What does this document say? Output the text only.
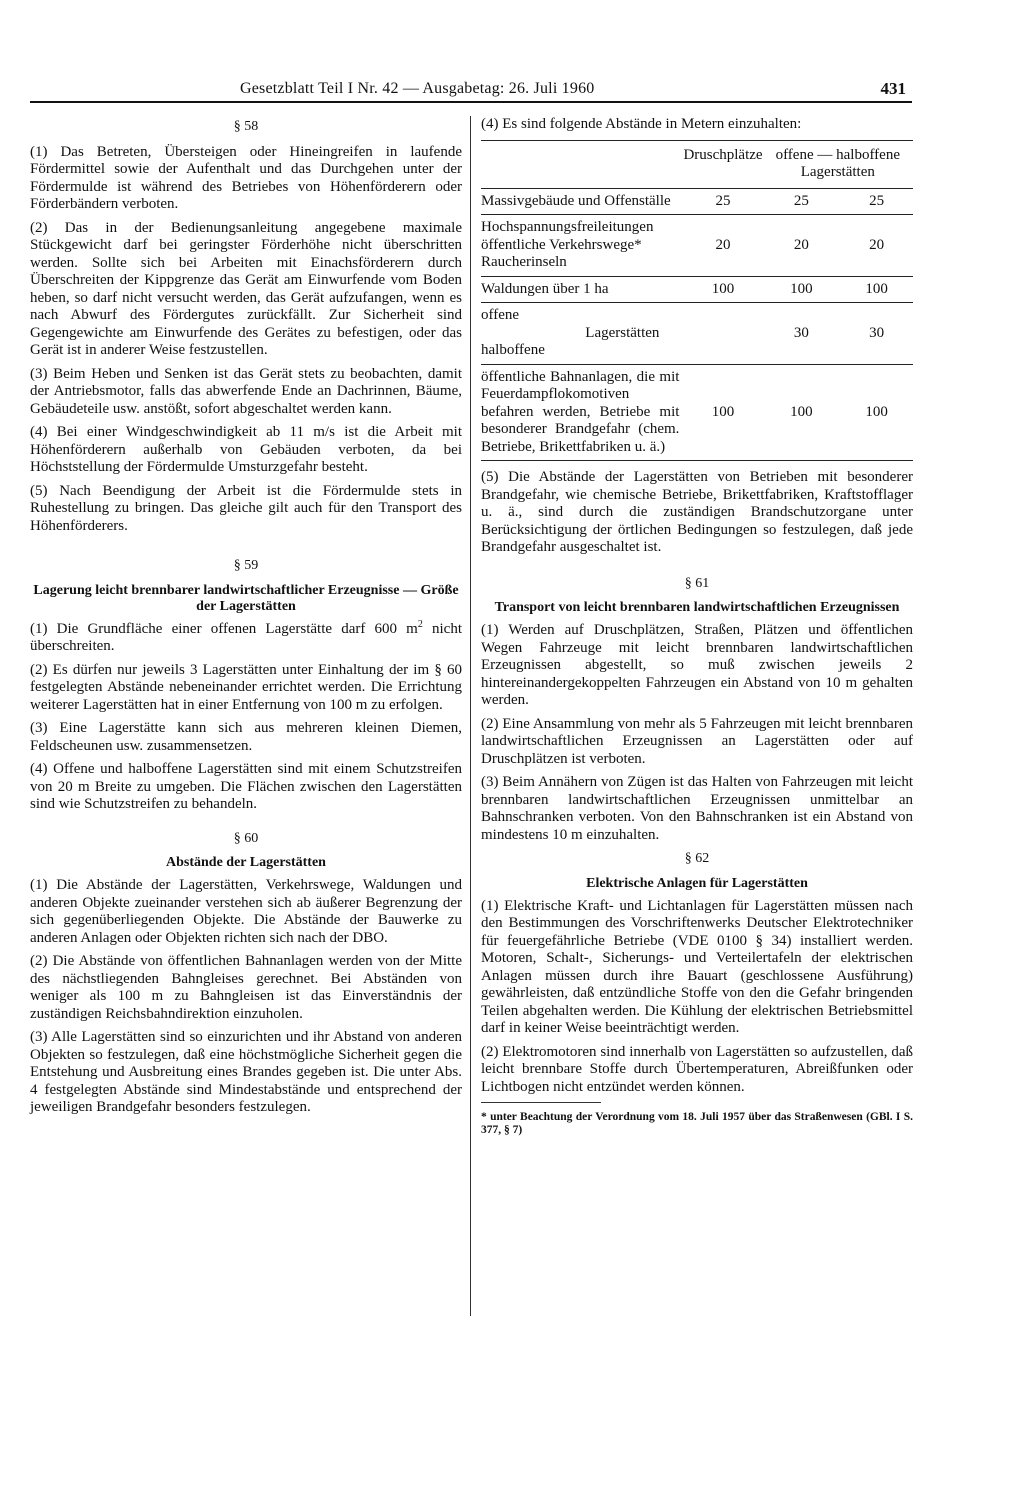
Gesetzblatt Teil I Nr. 42 — Ausgabetag: 26. Juli 1960	431
§ 58

(1) Das Betreten, Übersteigen oder Hineingreifen in laufende Fördermittel sowie der Aufenthalt und das Durchgehen unter der Fördermulde ist während des Betriebes von Höhenförderern oder Förderbändern verboten.

(2) Das in der Bedienungsanleitung angegebene maximale Stückgewicht darf bei geringster Förderhöhe nicht überschritten werden. Sollte sich bei Arbeiten mit Einachsförderern durch Überschreiten der Kippgrenze das Gerät am Einwurfende vom Boden heben, so darf nicht versucht werden, das Gerät aufzufangen, wenn es nach Abwurf des Fördergutes zurückfällt. Zur Sicherheit sind Gegengewichte am Einwurfende des Gerätes zu befestigen, oder das Gerät ist in anderer Weise festzustellen.

(3) Beim Heben und Senken ist das Gerät stets zu beobachten, damit der Antriebsmotor, falls das abwerfende Ende an Dachrinnen, Bäume, Gebäudeteile usw. anstößt, sofort abgeschaltet werden kann.

(4) Bei einer Windgeschwindigkeit ab 11 m/s ist die Arbeit mit Höhenförderern außerhalb von Gebäuden verboten, da bei Höchststellung der Fördermulde Umsturzgefahr besteht.

(5) Nach Beendigung der Arbeit ist die Fördermulde stets in Ruhestellung zu bringen. Das gleiche gilt auch für den Transport des Höhenförderers.

§ 59
Lagerung leicht brennbarer landwirtschaftlicher Erzeugnisse — Größe der Lagerstätten

(1) Die Grundfläche einer offenen Lagerstätte darf 600 $m^2$ nicht überschreiten.

(2) Es dürfen nur jeweils 3 Lagerstätten unter Einhaltung der im § 60 festgelegten Abstände nebeneinander errichtet werden. Die Errichtung weiterer Lagerstätten hat in einer Entfernung von 100 m zu erfolgen.

(3) Eine Lagerstätte kann sich aus mehreren kleinen Diemen, Feldscheunen usw. zusammensetzen.

(4) Offene und halboffene Lagerstätten sind mit einem Schutzstreifen von 20 m Breite zu umgeben. Die Flächen zwischen den Lagerstätten sind wie Schutzstreifen zu behandeln.

§ 60
Abstände der Lagerstätten

(1) Die Abstände der Lagerstätten, Verkehrswege, Waldungen und anderen Objekte zueinander verstehen sich ab äußerer Begrenzung der sich gegenüberliegenden Objekte. Die Abstände der Bauwerke zu anderen Anlagen oder Objekten richten sich nach der DBO.

(2) Die Abstände von öffentlichen Bahnanlagen werden von der Mitte des nächstliegenden Bahngleises gerechnet. Bei Abständen von weniger als 100 m zu Bahngleisen ist das Einverständnis der zuständigen Reichsbahndirektion einzuholen.

(3) Alle Lagerstätten sind so einzurichten und ihr Abstand von anderen Objekten so festzulegen, daß eine höchstmögliche Sicherheit gegen die Entstehung und Ausbreitung eines Brandes gegeben ist. Die unter Abs. 4 festgelegten Abstände sind Mindestabstände und entsprechend der jeweiligen Brandgefahr besonders festzulegen.

(4) Es sind folgende Abstände in Metern einzuhalten:

	Druschplätze	offene — halboffene Lagerstätten	
Massivgebäude und Offenställe	25	25	25
Hochspannungsfreileitungen öffentliche Verkehrswege* Raucherinseln	20	20	20
Waldungen über 1 ha	100	100	100

offene
Lagerstätten
halboffene		30	30
öffentliche Bahnanlagen, die mit Feuerdampflokomotiven befahren werden, Betriebe mit besonderer Brandgefahr (chem. Betriebe, Brikettfabriken u. ä.)	100	100	100

(5) Die Abstände der Lagerstätten von Betrieben mit besonderer Brandgefahr, wie chemische Betriebe, Brikettfabriken, Kraftstofflager u. ä., sind durch die zuständigen Brandschutzorgane unter Berücksichtigung der örtlichen Bedingungen so festzulegen, daß jede Brandgefahr ausgeschaltet ist.

§ 61
Transport von leicht brennbaren landwirtschaftlichen Erzeugnissen

(1) Werden auf Druschplätzen, Straßen, Plätzen und öffentlichen Wegen Fahrzeuge mit leicht brennbaren landwirtschaftlichen Erzeugnissen abgestellt, so muß zwischen jeweils 2 hintereinandergekoppelten Fahrzeugen ein Abstand von 10 m gehalten werden.

(2) Eine Ansammlung von mehr als 5 Fahrzeugen mit leicht brennbaren landwirtschaftlichen Erzeugnissen an Lagerstätten oder auf Druschplätzen ist verboten.

(3) Beim Annähern von Zügen ist das Halten von Fahrzeugen mit leicht brennbaren landwirtschaftlichen Erzeugnissen unmittelbar an Bahnschranken verboten. Von den Bahnschranken ist ein Abstand von mindestens 10 m einzuhalten.

§ 62
Elektrische Anlagen für Lagerstätten

(1) Elektrische Kraft- und Lichtanlagen für Lagerstätten müssen nach den Bestimmungen des Vorschriftenwerks Deutscher Elektrotechniker für feuergefährliche Betriebe (VDE 0100 § 34) installiert werden. Motoren, Schalt-, Sicherungs- und Verteilertafeln der elektrischen Anlagen müssen durch ihre Bauart (geschlossene Ausführung) gewährleisten, daß entzündliche Stoffe von den die Gefahr bringenden Teilen abgehalten werden. Die Kühlung der elektrischen Betriebsmittel darf in keiner Weise beeinträchtigt werden.

(2) Elektromotoren sind innerhalb von Lagerstätten so aufzustellen, daß leicht brennbare Stoffe durch Übertemperaturen, Abreißfunken oder Lichtbogen nicht entzündet werden können.

* unter Beachtung der Verordnung vom 18. Juli 1957 über das Straßenwesen (GBl. I S. 377, § 7)
